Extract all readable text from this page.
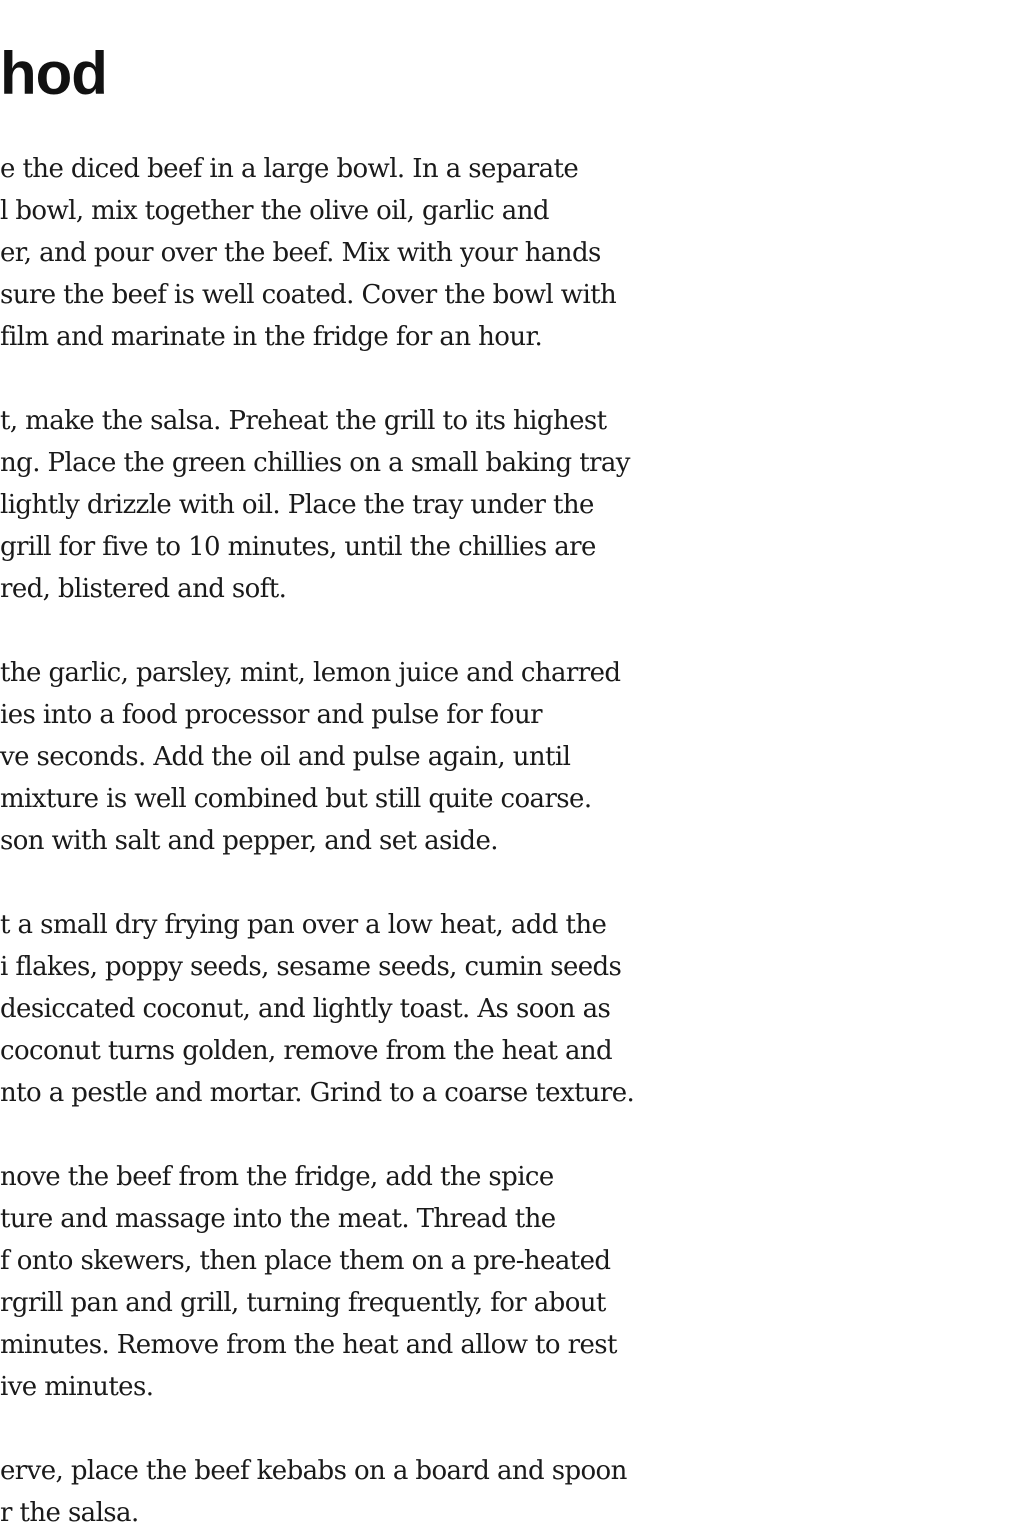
hod

e the diced beef in a large bowl. In a separate
l bowl, mix together the olive oil, garlic and
er, and pour over the beef. Mix with your hands
sure the beef is well coated. Cover the bowl with
film and marinate in the fridge for an hour.

t, make the salsa. Preheat the grill to its highest
ng. Place the green chillies on a small baking tray
lightly drizzle with oil. Place the tray under the
grill for five to 10 minutes, until the chillies are
red, blistered and soft.

the garlic, parsley, mint, lemon juice and charred
ies into a food processor and pulse for four
ve seconds. Add the oil and pulse again, until
mixture is well combined but still quite coarse.
son with salt and pepper, and set aside.

t a small dry frying pan over a low heat, add the
i flakes, poppy seeds, sesame seeds, cumin seeds
desiccated coconut, and lightly toast. As soon as
coconut turns golden, remove from the heat and
nto a pestle and mortar. Grind to a coarse texture.

nove the beef from the fridge, add the spice
ture and massage into the meat. Thread the
f onto skewers, then place them on a pre-heated
rgrill pan and grill, turning frequently, for about
minutes. Remove from the heat and allow to rest
ive minutes.

erve, place the beef kebabs on a board and spoon
r the salsa.
